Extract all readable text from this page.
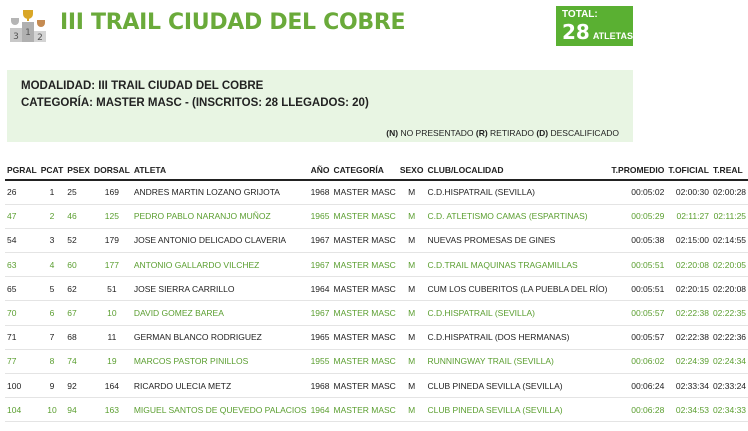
3 1 2
III TRAIL CIUDAD DEL COBRE	TOTAL:
28 ATLETAS
MODALIDAD: III TRAIL CIUDAD DEL COBRE
CATEGORÍA: MASTER MASC - (INSCRITOS: 28 LLEGADOS: 20)
(N) NO PRESENTADO (R) RETIRADO (D) DESCALIFICADO
PGRAL	PCAT	PSEX	DORSAL	ATLETA	AÑO	CATEGORÍA	SEXO	CLUB/LOCALIDAD	T.PROMEDIO	T.OFICIAL	T.REAL
26	1	25	169	ANDRES MARTIN LOZANO GRIJOTA	1968	MASTER MASC	M	C.D.HISPATRAIL (SEVILLA)	00:05:02	02:00:30	02:00:28
47	2	46	125	PEDRO PABLO NARANJO MUÑOZ	1965	MASTER MASC	M	C.D. ATLETISMO CAMAS (ESPARTINAS)	00:05:29	02:11:27	02:11:25
54	3	52	179	JOSE ANTONIO DELICADO CLAVERIA	1967	MASTER MASC	M	NUEVAS PROMESAS DE GINES	00:05:38	02:15:00	02:14:55
63	4	60	177	ANTONIO GALLARDO VILCHEZ	1967	MASTER MASC	M	C.D.TRAIL MAQUINAS TRAGAMILLAS	00:05:51	02:20:08	02:20:05
65	5	62	51	JOSE SIERRA CARRILLO	1964	MASTER MASC	M	CUM LOS CUBERITOS (LA PUEBLA DEL RÍO)	00:05:51	02:20:15	02:20:08
70	6	67	10	DAVID GOMEZ BAREA	1967	MASTER MASC	M	C.D.HISPATRAIL (SEVILLA)	00:05:57	02:22:38	02:22:35
71	7	68	11	GERMAN BLANCO RODRIGUEZ	1965	MASTER MASC	M	C.D.HISPATRAIL (DOS HERMANAS)	00:05:57	02:22:38	02:22:36
77	8	74	19	MARCOS PASTOR PINILLOS	1955	MASTER MASC	M	RUNNINGWAY TRAIL (SEVILLA)	00:06:02	02:24:39	02:24:34
100	9	92	164	RICARDO ULECIA METZ	1968	MASTER MASC	M	CLUB PINEDA SEVILLA (SEVILLA)	00:06:24	02:33:34	02:33:24
104	10	94	163	MIGUEL SANTOS DE QUEVEDO PALACIOS	1964	MASTER MASC	M	CLUB PINEDA SEVILLA (SEVILLA)	00:06:28	02:34:53	02:34:33
